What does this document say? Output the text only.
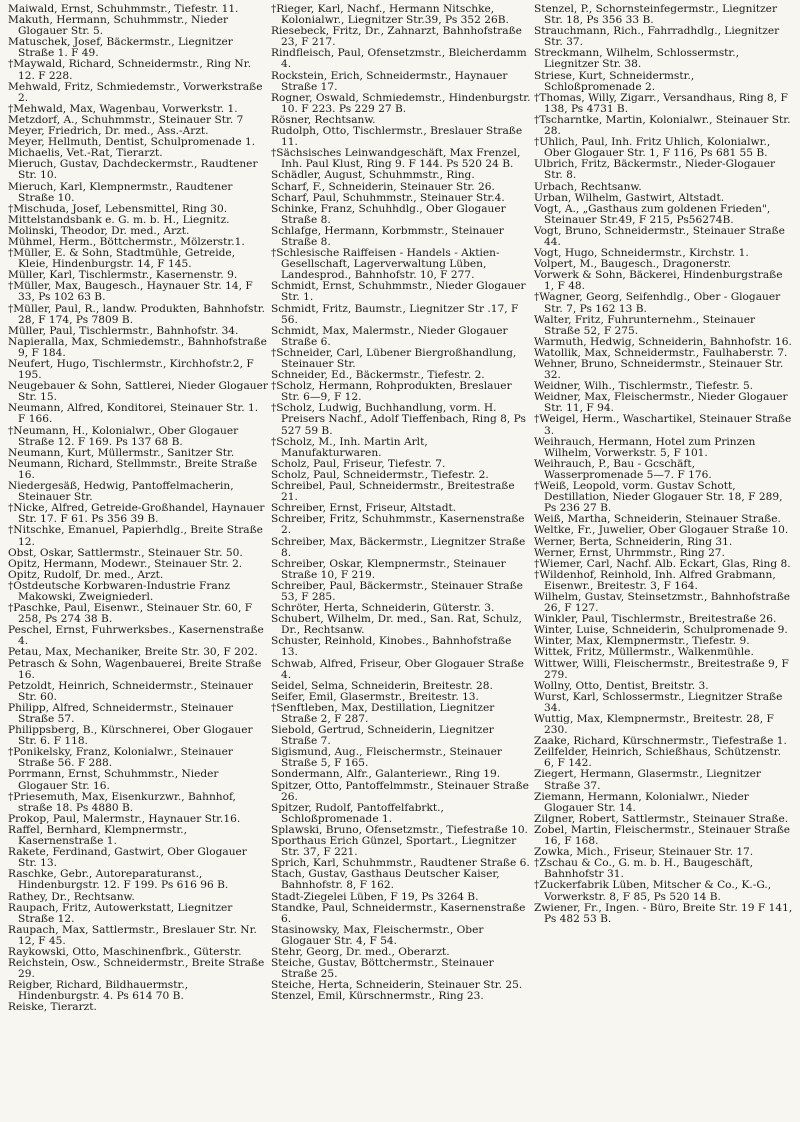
Maiwald, Ernst, Schuhmmstr., Tiefestr. 11.

Makuth, Hermann, Schuhmmstr., Nieder Glogauer Str. 5.

Matuschek, Josef, Bäckermstr., Liegnitzer Straße 1. F 49.

†Maywald, Richard, Schneidermstr., Ring Nr. 12. F 228.

Mehwald, Fritz, Schmiedemstr., Vorwerkstraße 2.

†Mehwald, Max, Wagenbau, Vorwerkstr. 1.

Metzdorf, A., Schuhmmstr., Steinauer Str. 7

Meyer, Friedrich, Dr. med., Ass.-Arzt.

Meyer, Hellmuth, Dentist, Schulpromenade 1.

Michaelis, Vet.-Rat, Tierarzt.

Mieruch, Gustav, Dachdeckermstr., Raudtener Str. 10.

Mieruch, Karl, Klempnermstr., Raudtener Straße 10.

†Mischuda, Josef, Lebensmittel, Ring 30.

Mittelstandsbank e. G. m. b. H., Liegnitz.

Molinski, Theodor, Dr. med., Arzt.

Mühmel, Herm., Böttchermstr., Mölzerstr.1.

†Müller, E. & Sohn, Stadtmühle, Getreide, Kleie, Hindenburgstr. 14, F 145.

Müller, Karl, Tischlermstr., Kasernenstr. 9.

†Müller, Max, Baugesch., Haynauer Str. 14, F 33, Ps 102 63 B.

†Müller, Paul, R., landw. Produkten, Bahnhofstr. 28, F 174, Ps 7809 B.

Müller, Paul, Tischlermstr., Bahnhofstr. 34.

Napieralla, Max, Schmiedemstr., Bahnhofstraße 9, F 184.

Neufert, Hugo, Tischlermstr., Kirchhofstr.2, F 195.

Neugebauer & Sohn, Sattlerei, Nieder Glogauer Str. 15.

Neumann, Alfred, Konditorei, Steinauer Str. 1. F 166.

†Neumann, H., Kolonialwr., Ober Glogauer Straße 12. F 169. Ps 137 68 B.

Neumann, Kurt, Müllermstr., Sanitzer Str.

Neumann, Richard, Stellmmstr., Breite Straße 16.

Niedergesäß, Hedwig, Pantoffelmacherin, Steinauer Str.

†Nicke, Alfred, Getreide-Großhandel, Haynauer Str. 17. F 61. Ps 356 39 B.

†Nitschke, Emanuel, Papierhdlg., Breite Straße 12.

Obst, Oskar, Sattlermstr., Steinauer Str. 50.

Opitz, Hermann, Modewr., Steinauer Str. 2.

Opitz, Rudolf, Dr. med., Arzt.

†Ostdeutsche Korbwaren-Industrie Franz Makowski, Zweigniederl.

†Paschke, Paul, Eisenwr., Steinauer Str. 60, F 258, Ps 274 38 B.

Peschel, Ernst, Fuhrwerksbes., Kasernenstraße 4.

Petau, Max, Mechaniker, Breite Str. 30, F 202.

Petrasch & Sohn, Wagenbauerei, Breite Straße 16.

Petzoldt, Heinrich, Schneidermstr., Steinauer Str. 60.

Philipp, Alfred, Schneidermstr., Steinauer Straße 57.

Philippsberg, B., Kürschnerei, Ober Glogauer Str. 6. F 118.

†Ponikelsky, Franz, Kolonialwr., Steinauer Straße 56. F 288.

Porrmann, Ernst, Schuhmmstr., Nieder Glogauer Str. 16.

†Priesemuth, Max, Eisenkurzwr., Bahnhof, straße 18. Ps 4880 B.

Prokop, Paul, Malermstr., Haynauer Str.16.

Raffel, Bernhard, Klempnermstr., Kasernenstraße 1.

Rakete, Ferdinand, Gastwirt, Ober Glogauer Str. 13.

Raschke, Gebr., Autoreparaturanst., Hindenburgstr. 12. F 199. Ps 616 96 B.

Rathey, Dr., Rechtsanw.

Raupach, Fritz, Autowerkstatt, Liegnitzer Straße 12.

Raupach, Max, Sattlermstr., Breslauer Str. Nr. 12, F 45.

Raykowski, Otto, Maschinenfbrk., Güterstr.

Reichstein, Osw., Schneidermstr., Breite Straße 29.

Reigber, Richard, Bildhauermstr., Hindenburgstr. 4. Ps 614 70 B.

Reiske, Tierarzt.

†Rieger, Karl, Nachf., Hermann Nitschke, Kolonialwr., Liegnitzer Str.39, Ps 352 26B.

Riesebeck, Fritz, Dr., Zahnarzt, Bahnhofstraße 23, F 217.

Rindfleisch, Paul, Ofensetzmstr., Bleicherdamm 4.

Rockstein, Erich, Schneidermstr., Haynauer Straße 17.

Rogner, Oswald, Schmiedemstr., Hindenburgstr. 10. F 223. Ps 229 27 B.

Rösner, Rechtsanw.

Rudolph, Otto, Tischlermstr., Breslauer Straße 11.

†Sächsisches Leinwandgeschäft, Max Frenzel, Inh. Paul Klust, Ring 9. F 144. Ps 520 24 B.

Schädler, August, Schuhmmstr., Ring.

Scharf, F., Schneiderin, Steinauer Str. 26.

Scharf, Paul, Schuhmmstr., Steinauer Str.4.

Schinke, Franz, Schuhhdlg., Ober Glogauer Straße 8.

Schlafge, Hermann, Korbmmstr., Steinauer Straße 8.

†Schlesische Raiffeisen - Handels - Aktien-Gesellschaft, Lagerverwaltung Lüben, Landesprod., Bahnhofstr. 10, F 277.

Schmidt, Ernst, Schuhmmstr., Nieder Glogauer Str. 1.

Schmidt, Fritz, Baumstr., Liegnitzer Str .17, F 56.

Schmidt, Max, Malermstr., Nieder Glogauer Straße 6.

†Schneider, Carl, Lübener Biergroßhandlung, Steinauer Str.

Schneider, Ed., Bäckermstr., Tiefestr. 2.

†Scholz, Hermann, Rohprodukten, Breslauer Str. 6—9, F 12.

†Scholz, Ludwig, Buchhandlung, vorm. H. Preisers Nachf., Adolf Tieffenbach, Ring 8, Ps 527 59 B.

†Scholz, M., Inh. Martin Arlt, Manufakturwaren.

Scholz, Paul, Friseur, Tiefestr. 7.

Scholz, Paul, Schneidermstr., Tiefestr. 2.

Schreibel, Paul, Schneidermstr., Breitestraße 21.

Schreiber, Ernst, Friseur, Altstadt.

Schreiber, Fritz, Schuhmmstr., Kasernenstraße 2.

Schreiber, Max, Bäckermstr., Liegnitzer Straße 8.

Schreiber, Oskar, Klempnermstr., Steinauer Straße 10, F 219.

Schreiber, Paul, Bäckermstr., Steinauer Straße 53, F 285.

Schröter, Herta, Schneiderin, Güterstr. 3.

Schubert, Wilhelm, Dr. med., San. Rat, Schulz, Dr., Rechtsanw.

Schuster, Reinhold, Kinobes., Bahnhofstraße 13.

Schwab, Alfred, Friseur, Ober Glogauer Straße 4.

Seidel, Selma, Schneiderin, Breitestr. 28.

Seifer, Emil, Glasermstr., Breitestr. 13.

†Senftleben, Max, Destillation, Liegnitzer Straße 2, F 287.

Siebold, Gertrud, Schneiderin, Liegnitzer Straße 7.

Sigismund, Aug., Fleischermstr., Steinauer Straße 5, F 165.

Sondermann, Alfr., Galanteriewr., Ring 19.

Spitzer, Otto, Pantoffelmmstr., Steinauer Straße 26.

Spitzer, Rudolf, Pantoffelfabrkt., Schloßpromenade 1.

Splawski, Bruno, Ofensetzmstr., Tiefestraße 10.

Sporthaus Erich Günzel, Sportart., Liegnitzer Str. 37, F 221.

Sprich, Karl, Schuhmmstr., Raudtener Straße 6.

Stach, Gustav, Gasthaus Deutscher Kaiser, Bahnhofstr. 8, F 162.

Stadt-Ziegelei Lüben, F 19, Ps 3264 B.

Standke, Paul, Schneidermstr., Kasernenstraße 6.

Stasinowsky, Max, Fleischermstr., Ober Glogauer Str. 4, F 54.

Stehr, Georg, Dr. med., Oberarzt.

Steiche, Gustav, Böttchermstr., Steinauer Straße 25.

Steiche, Herta, Schneiderin, Steinauer Str. 25.

Stenzel, Emil, Kürschnermstr., Ring 23.

Stenzel, P., Schornsteinfegermstr., Liegnitzer Str. 18, Ps 356 33 B.

Strauchmann, Rich., Fahrradhdlg., Liegnitzer Str. 37.

Streckmann, Wilhelm, Schlossermstr., Liegnitzer Str. 38.

Striese, Kurt, Schneidermstr., Schloßpromenade 2.

†Thomas, Willy, Zigarr., Versandhaus, Ring 8, F 138, Ps 4731 B.

†Tscharntke, Martin, Kolonialwr., Steinauer Str. 28.

†Uhlich, Paul, Inh. Fritz Uhlich, Kolonialwr., Ober Glogauer Str. 1, F 116, Ps 681 55 B.

Ulbrich, Fritz, Bäckermstr., Nieder-Glogauer Str. 8.

Urbach, Rechtsanw.

Urban, Wilhelm, Gastwirt, Altstadt.

Vogt, A., „Gasthaus zum goldenen Frieden", Steinauer Str.49, F 215, Ps56274B.

Vogt, Bruno, Schneidermstr., Steinauer Straße 44.

Vogt, Hugo, Schneidermstr., Kirchstr. 1.

Volpert, M., Baugesch., Dragonerstr.

Vorwerk & Sohn, Bäckerei, Hindenburgstraße 1, F 48.

†Wagner, Georg, Seifenhdlg., Ober - Glogauer Str. 7, Ps 162 13 B.

Walter, Fritz, Fuhrunternehm., Steinauer Straße 52, F 275.

Warmuth, Hedwig, Schneiderin, Bahnhofstr. 16.

Watollik, Max, Schneidermstr., Faulhaberstr. 7.

Wehner, Bruno, Schneidermstr., Steinauer Str. 32.

Weidner, Wilh., Tischlermstr., Tiefestr. 5.

Weidner, Max, Fleischermstr., Nieder Glogauer Str. 11, F 94.

†Weigel, Herm., Waschartikel, Steinauer Straße 3.

Weihrauch, Hermann, Hotel zum Prinzen Wilhelm, Vorwerkstr. 5, F 101.

Weihrauch, P., Bau - Gcschäft, Wasserpromenade 5—7. F 176.

†Weiß, Leopold, vorm. Gustav Schott, Destillation, Nieder Glogauer Str. 18, F 289, Ps 236 27 B.

Weiß, Martha, Schneiderin, Steinauer Straße.

Weltke, Fr., Juwelier, Ober Glogauer Straße 10.

Werner, Berta, Schneiderin, Ring 31.

Werner, Ernst, Uhrmmstr., Ring 27.

†Wiemer, Carl, Nachf. Alb. Eckart, Glas, Ring 8.

†Wildenhof, Reinhold, Inh. Alfred Grabmann, Eisenwr., Breitestr. 3, F 164.

Wilhelm, Gustav, Steinsetzmstr., Bahnhofstraße 26, F 127.

Winkler, Paul, Tischlermstr., Breitestraße 26.

Winter, Luise, Schneiderin, Schulpromenade 9.

Winter, Max, Klempnermstr., Tiefestr. 9.

Wittek, Fritz, Müllermstr., Walkenmühle.

Wittwer, Willi, Fleischermstr., Breitestraße 9, F 279.

Wollny, Otto, Dentist, Breitstr. 3.

Wurst, Karl, Schlossermstr., Liegnitzer Straße 34.

Wuttig, Max, Klempnermstr., Breitestr. 28, F 230.

Zaake, Richard, Kürschnermstr., Tiefestraße 1.

Zeilfelder, Heinrich, Schießhaus, Schützenstr. 6, F 142.

Ziegert, Hermann, Glasermstr., Liegnitzer Straße 37.

Ziemann, Hermann, Kolonialwr., Nieder Glogauer Str. 14.

Zilgner, Robert, Sattlermstr., Steinauer Straße.

Zobel, Martin, Fleischermstr., Steinauer Straße 16, F 168.

Zowka, Mich., Friseur, Steinauer Str. 17.

†Zschau & Co., G. m. b. H., Baugeschäft, Bahnhofstr 31.

†Zuckerfabrik Lüben, Mitscher & Co., K.-G., Vorwerkstr. 8, F 85, Ps 520 14 B.

Zwiener, Fr., Ingen. - Büro, Breite Str. 19 F 141, Ps 482 53 B.
